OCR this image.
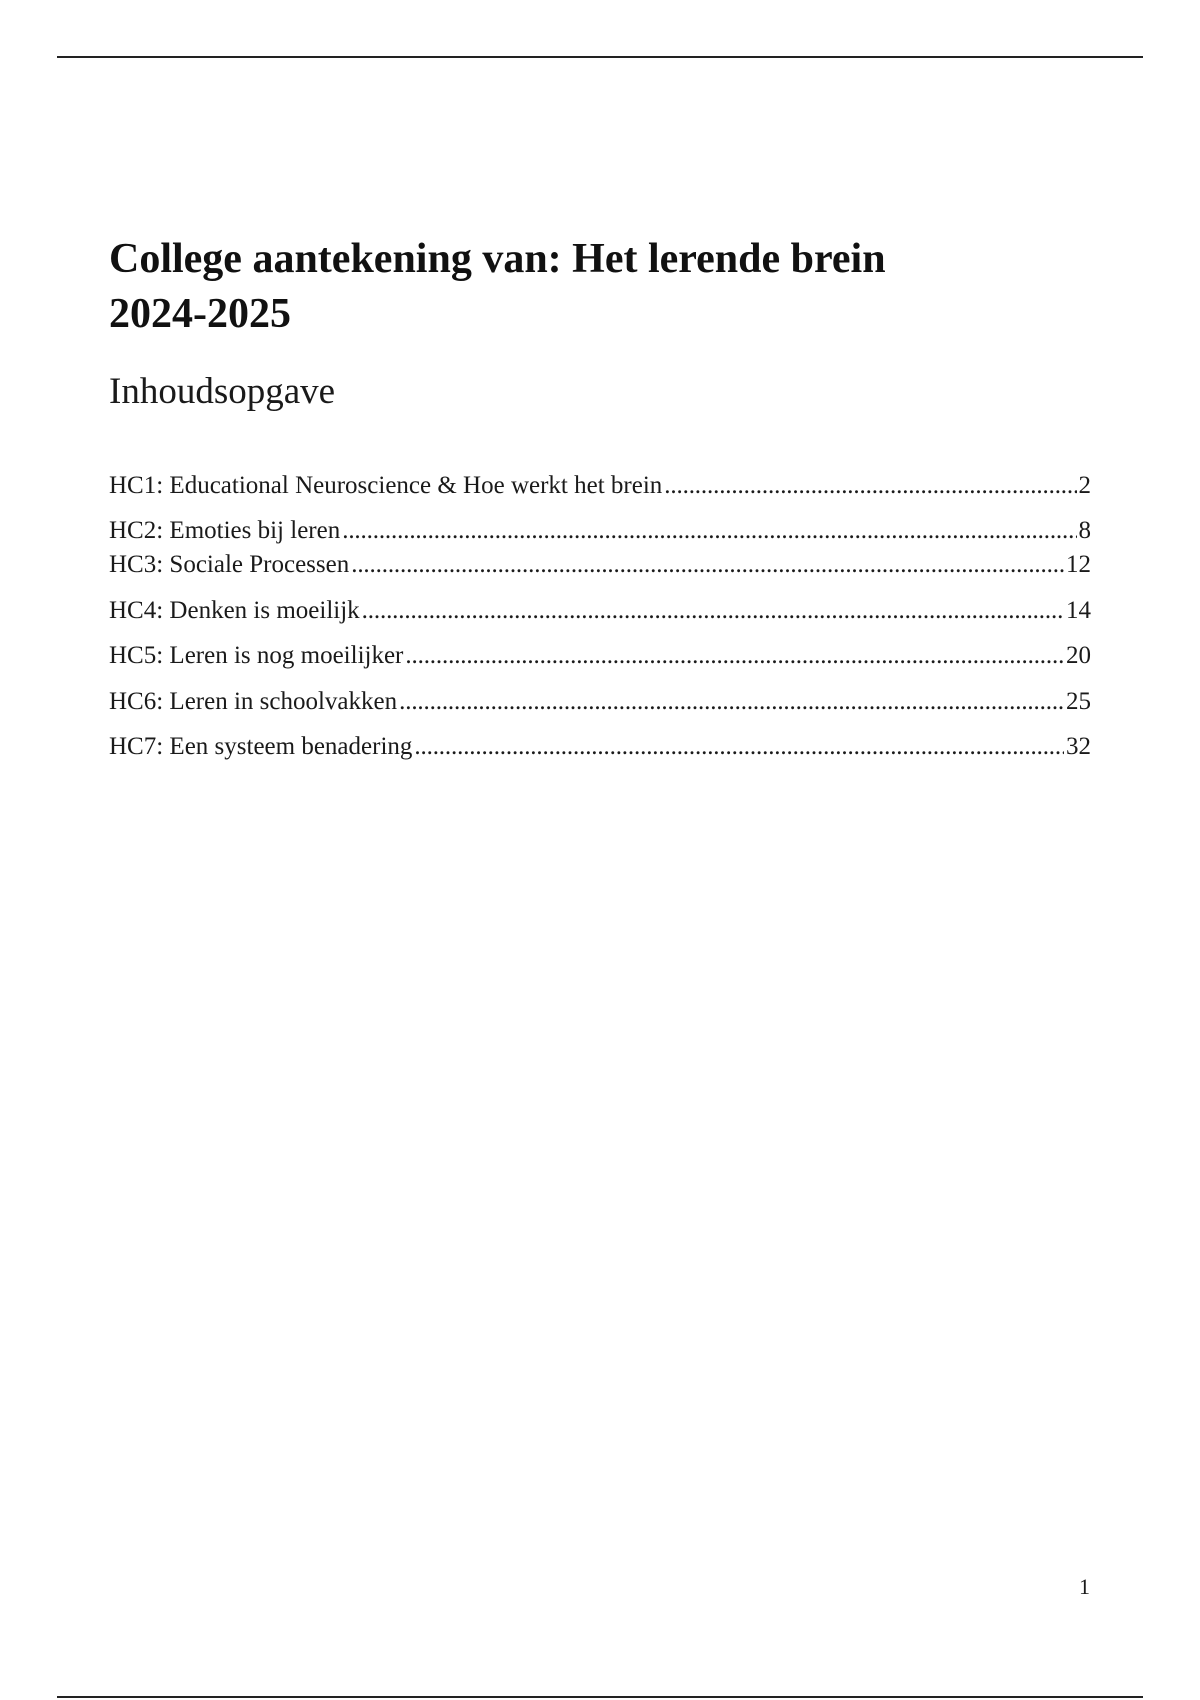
College aantekening van: Het lerende brein
2024-2025
Inhoudsopgave
HC1: Educational Neuroscience & Hoe werkt het brein . . .	2
HC2: Emoties bij leren . . .	8
HC3: Sociale Processen . . .	12
HC4: Denken is moeilijk . . .	14
HC5: Leren is nog moeilijker . . .	20
HC6: Leren in schoolvakken . . .	25
HC7: Een systeem benadering . . .	32
1
